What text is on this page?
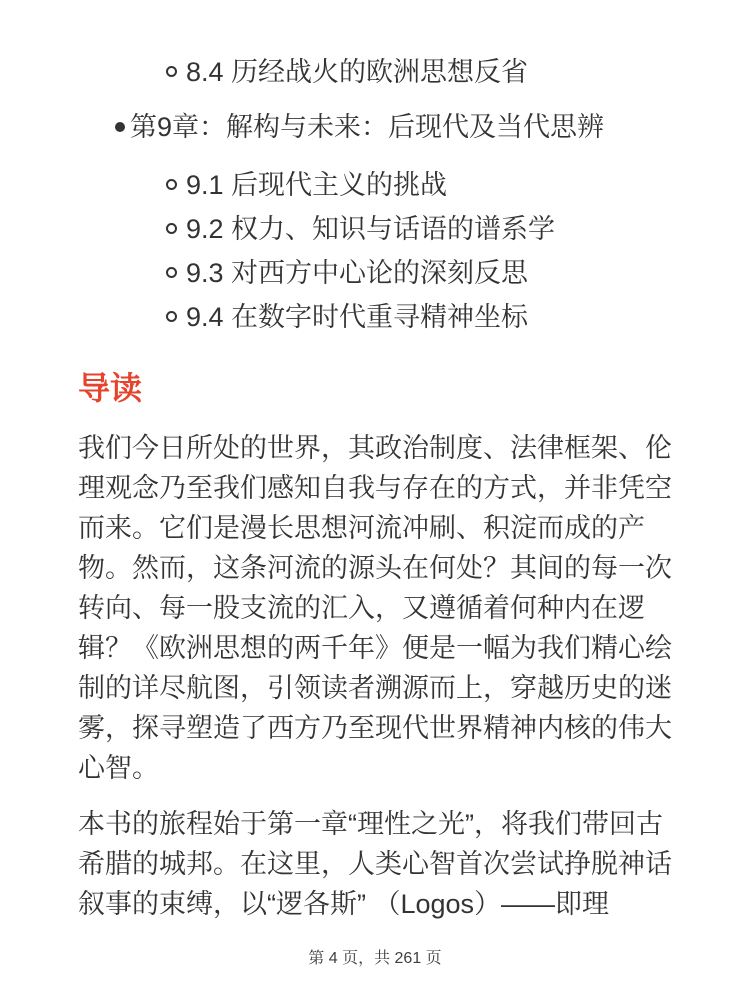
8.4 历经战火的欧洲思想反省
第9章：解构与未来：后现代及当代思辨
9.1 后现代主义的挑战
9.2 权力、知识与话语的谱系学
9.3 对西方中心论的深刻反思
9.4 在数字时代重寻精神坐标
导读

我们今日所处的世界，其政治制度、法律框架、伦理观念乃至我们感知自我与存在的方式，并非凭空而来。它们是漫长思想河流冲刷、积淀而成的产物。然而，这条河流的源头在何处？其间的每一次转向、每一股支流的汇入，又遵循着何种内在逻辑？《欧洲思想的两千年》便是一幅为我们精心绘制的详尽航图，引领读者溯源而上，穿越历史的迷雾，探寻塑造了西方乃至现代世界精神内核的伟大心智。

本书的旅程始于第一章“理性之光”，将我们带回古希腊的城邦。在这里，人类心智首次尝试挣脱神话叙事的束缚，以“逻各斯” （Logos）——即理

第 4 页，共 261 页
